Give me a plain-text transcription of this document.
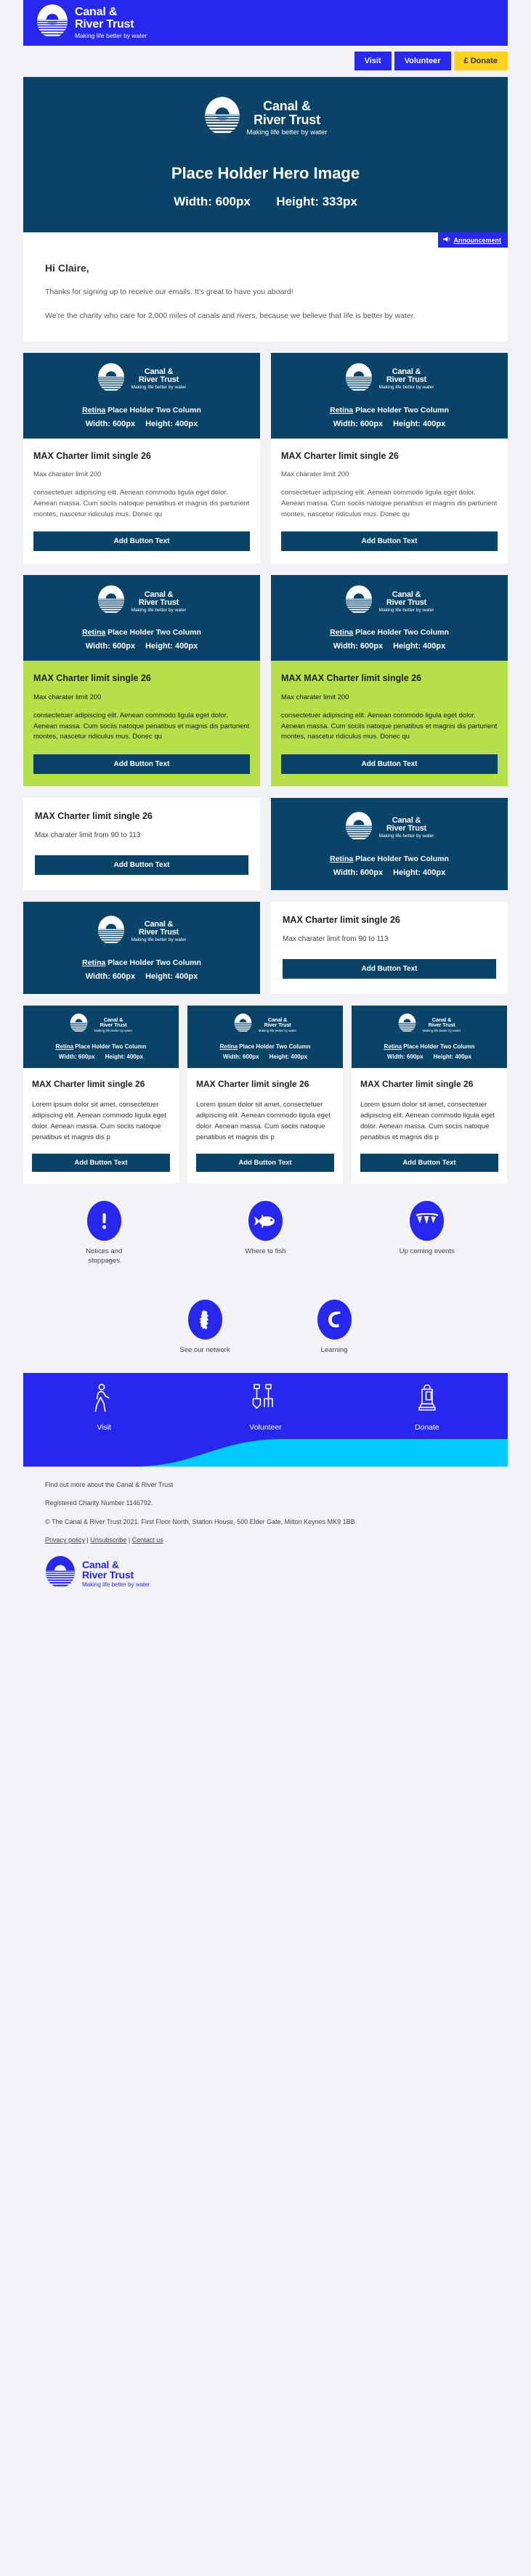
Canal &
River Trust
Making life better by water
Visit	Volunteer	£ Donate
Canal &
River Trust
Making life better by water
Place Holder Hero Image
Width: 600px Height: 333px
Announcement
Hi Claire,

Thanks for signing up to receive our emails. It's great to have you aboard!

We're the charity who care for 2,000 miles of canals and rivers, because we believe that life is better by water.

Canal &
River Trust
Making life better by water
Retina Place Holder Two Column
Width: 600px Height: 400px
MAX Charter limit single 26
Max charater limit 200
consectetuer adipiscing elit. Aenean commodo ligula eget dolor. Aenean massa. Cum sociis natoque penatibus et magnis dis parturient montes, nascetur ridiculus mus. Donec qu
Add Button Text
Canal &
River Trust
Making life better by water
Retina Place Holder Two Column
Width: 600px Height: 400px
MAX Charter limit single 26
Max charater limit 200
consectetuer adipiscing elit. Aenean commodo ligula eget dolor. Aenean massa. Cum sociis natoque penatibus et magnis dis parturient montes, nascetur ridiculus mus. Donec qu
Add Button Text
Canal &
River Trust
Making life better by water
Retina Place Holder Two Column
Width: 600px Height: 400px
MAX Charter limit single 26
Max charater limit 200
consectetuer adipiscing elit. Aenean commodo ligula eget dolor. Aenean massa. Cum sociis natoque penatibus et magnis dis parturient montes, nascetur ridiculus mus. Donec qu
Add Button Text
Canal &
River Trust
Making life better by water
Retina Place Holder Two Column
Width: 600px Height: 400px
MAX MAX Charter limit single 26
Max charater limit 200
consectetuer adipiscing elit. Aenean commodo ligula eget dolor. Aenean massa. Cum sociis natoque penatibus et magnis dis parturient montes, nascetur ridiculus mus. Donec qu
Add Button Text
MAX Charter limit single 26
Max charater limit from 90 to 113
Add Button Text
Canal &
River Trust
Making life better by water
Retina Place Holder Two Column
Width: 600px Height: 400px
Canal &
River Trust
Making life better by water
Retina Place Holder Two Column
Width: 600px Height: 400px
MAX Charter limit single 26
Max charater limit from 90 to 113
Add Button Text
Canal &
River Trust
Making life better by water
Retina Place Holder Two Column
Width: 600px Height: 400px
MAX Charter limit single 26
Lorem ipsum dolor sit amet, consectetuer adipiscing elit. Aenean commodo ligula eget dolor. Aenean massa. Cum sociis natoque penatibus et magnis dis p
Add Button Text
Canal &
River Trust
Making life better by water
Retina Place Holder Two Column
Width: 600px Height: 400px
MAX Charter limit single 26
Lorem ipsum dolor sit amet, consectetuer adipiscing elit. Aenean commodo ligula eget dolor. Aenean massa. Cum sociis natoque penatibus et magnis dis p
Add Button Text
Canal &
River Trust
Making life better by water
Retina Place Holder Two Column
Width: 600px Height: 400px
MAX Charter limit single 26
Lorem ipsum dolor sit amet, consectetuer adipiscing elit. Aenean commodo ligula eget dolor. Aenean massa. Cum sociis natoque penatibus et magnis dis p
Add Button Text
Notices and stoppages
Where to fish	Up coming events
See our network	Learning
Visit	Volunteer	Donate

Find out more about the Canal & River Trust

Registered Charity Number 1146792.

© The Canal & River Trust 2021. First Floor North, Station House, 500 Elder Gate, Milton Keynes MK9 1BB.

Privacy policy | Unsubscribe | Contact us

Canal &
River Trust
Making life better by water
